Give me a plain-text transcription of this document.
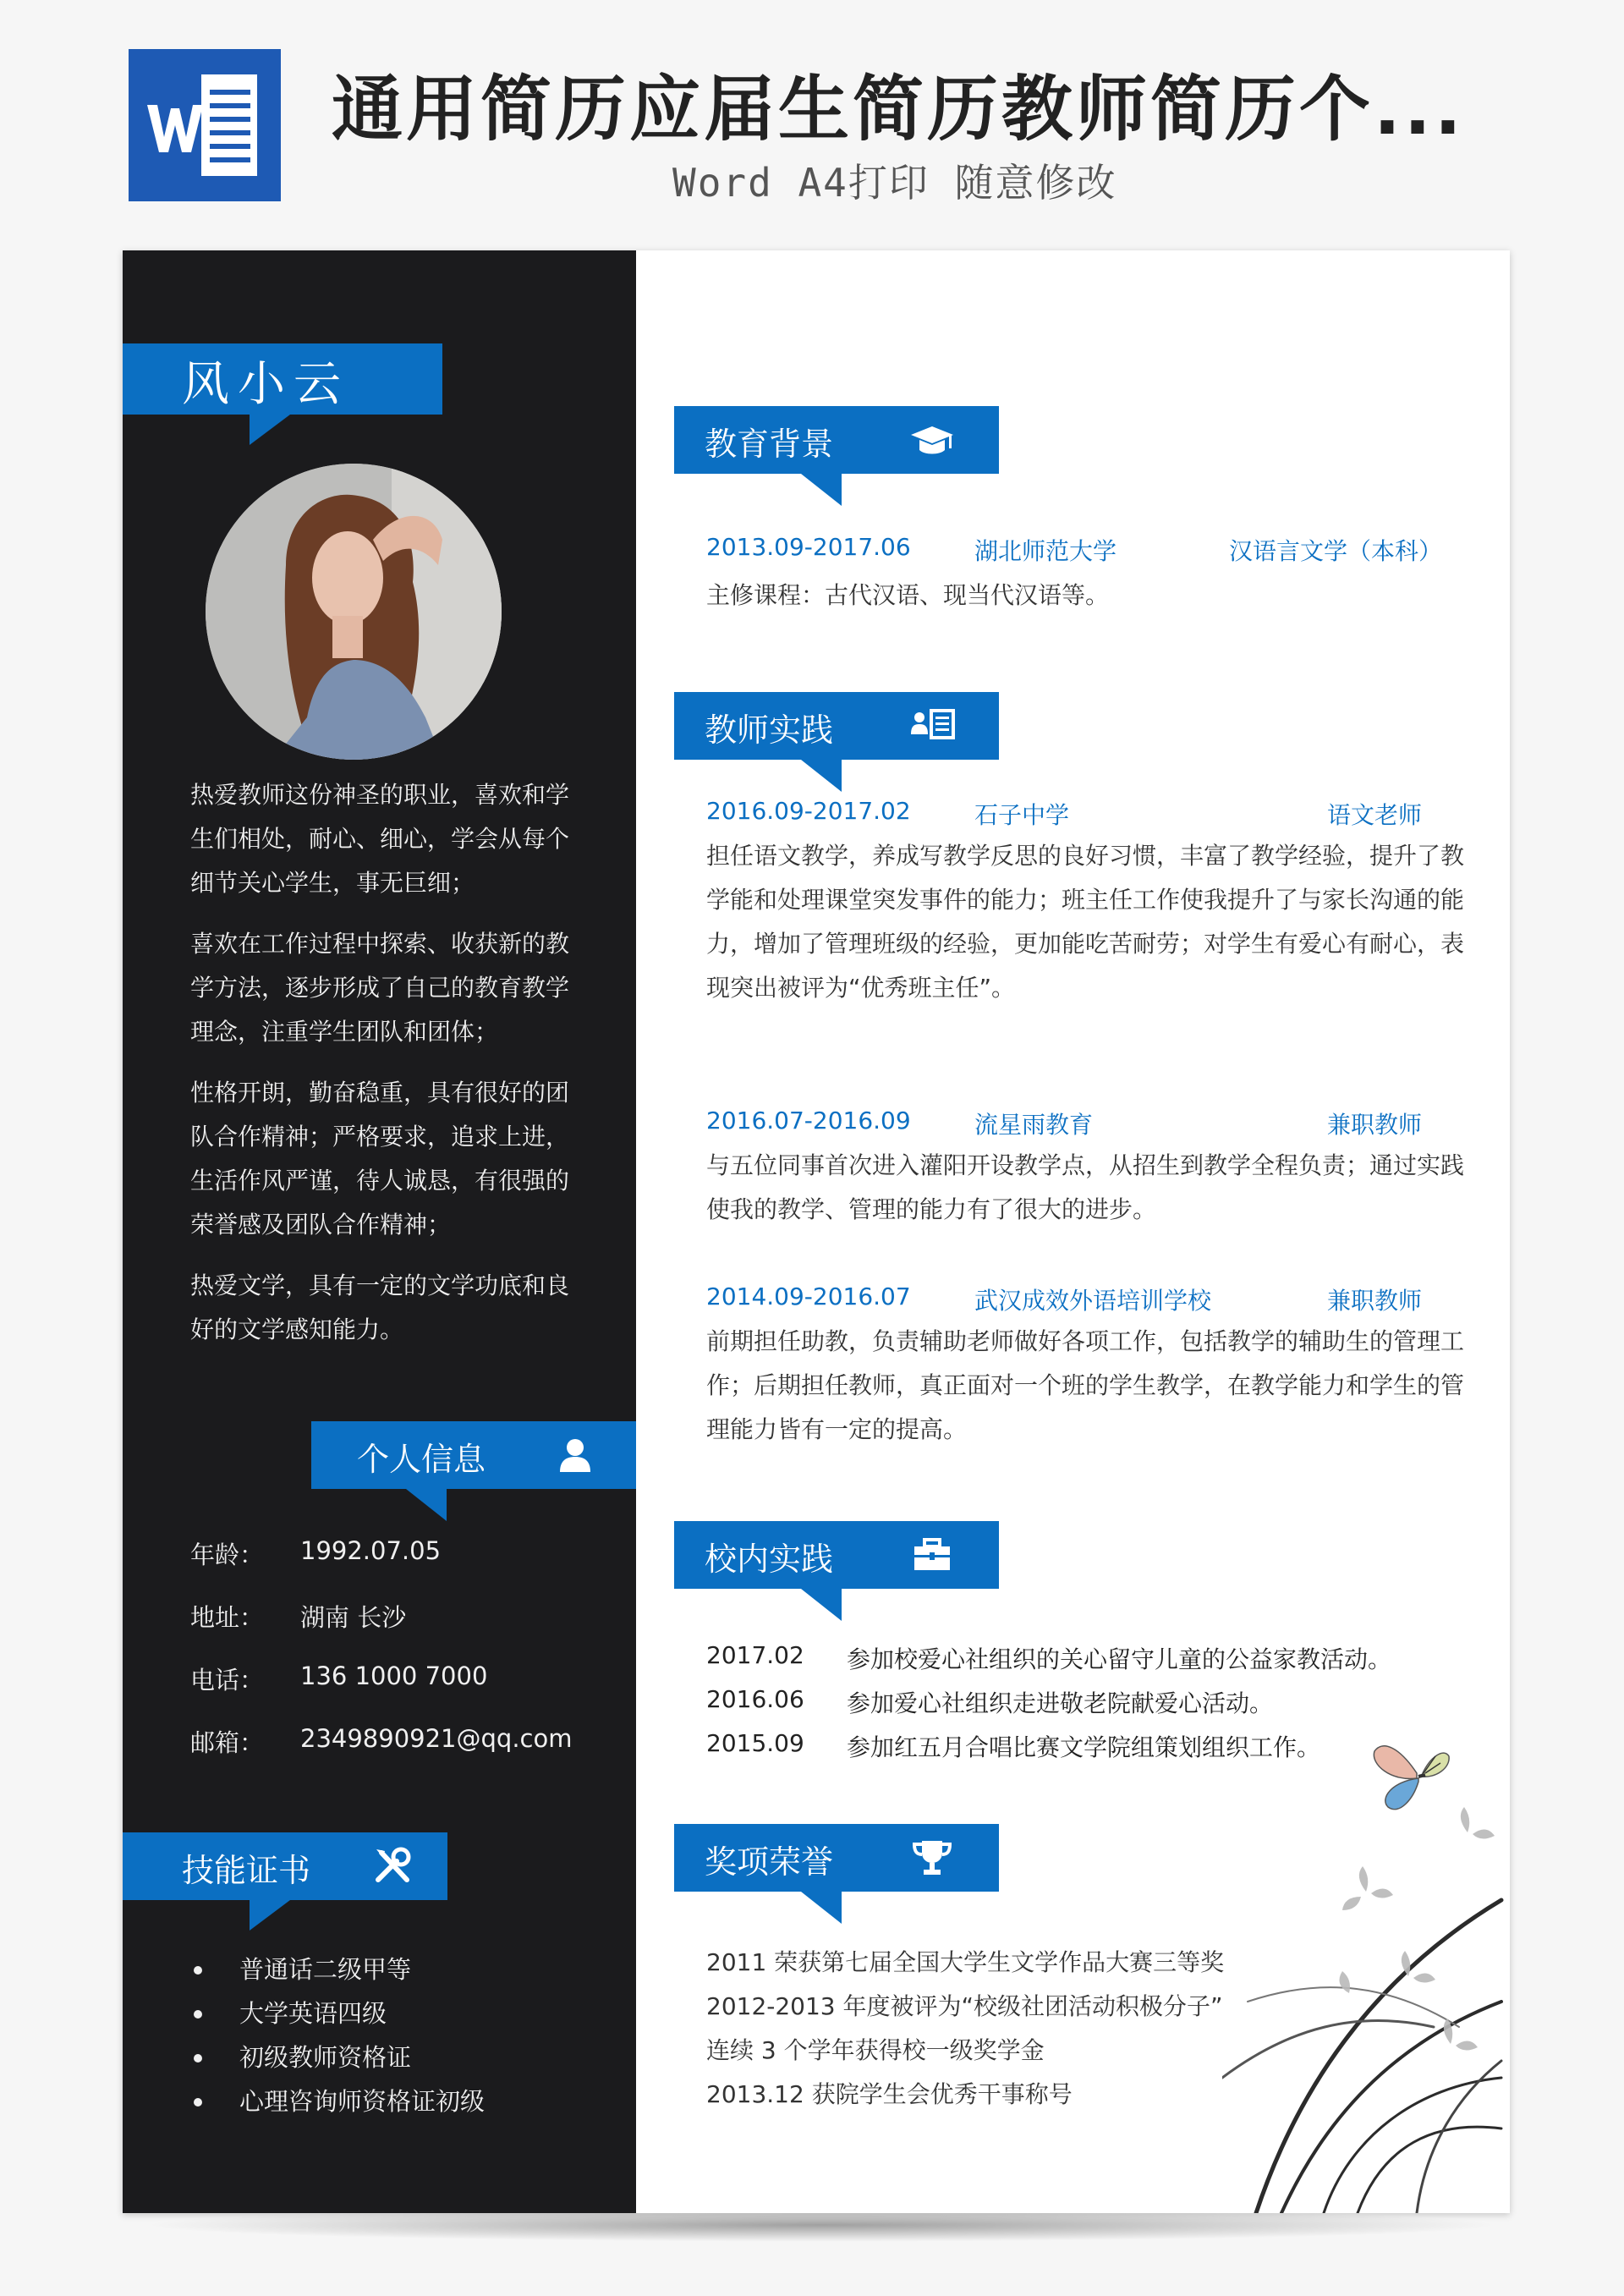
通用简历应届生简历教师简历个...
Word A4打印 随意修改
风小云

热爱教师这份神圣的职业，喜欢和学生们相处，耐心、细心，学会从每个细节关心学生，事无巨细；

喜欢在工作过程中探索、收获新的教学方法，逐步形成了自己的教育教学理念，注重学生团队和团体；

性格开朗，勤奋稳重，具有很好的团队合作精神；严格要求，追求上进，生活作风严谨，待人诚恳，有很强的荣誉感及团队合作精神；

热爱文学，具有一定的文学功底和良好的文学感知能力。

个人信息
年龄：	1992.07.05
地址：	湖南 长沙
电话：	136 1000 7000
邮箱：	2349890921@qq.com
技能证书
普通话二级甲等
大学英语四级
初级教师资格证
心理咨询师资格证初级
教育背景
2013.09-2017.06	湖北师范大学	汉语言文学（本科）
主修课程：古代汉语、现当代汉语等。
教师实践
2016.09-2017.02	石子中学	语文老师
担任语文教学，养成写教学反思的良好习惯，丰富了教学经验，提升了教学能和处理课堂突发事件的能力；班主任工作使我提升了与家长沟通的能力，增加了管理班级的经验，更加能吃苦耐劳；对学生有爱心有耐心，表现突出被评为“优秀班主任”。
2016.07-2016.09	流星雨教育	兼职教师
与五位同事首次进入灌阳开设教学点，从招生到教学全程负责；通过实践使我的教学、管理的能力有了很大的进步。
2014.09-2016.07	武汉成效外语培训学校	兼职教师
前期担任助教，负责辅助老师做好各项工作，包括教学的辅助生的管理工作；后期担任教师，真正面对一个班的学生教学，在教学能力和学生的管理能力皆有一定的提高。
校内实践
2017.02 参加校爱心社组织的关心留守儿童的公益家教活动。
2016.06 参加爱心社组织走进敬老院献爱心活动。
2015.09 参加红五月合唱比赛文学院组策划组织工作。
奖项荣誉
2011 荣获第七届全国大学生文学作品大赛三等奖
2012-2013 年度被评为“校级社团活动积极分子”
连续 3 个学年获得校一级奖学金
2013.12 获院学生会优秀干事称号
